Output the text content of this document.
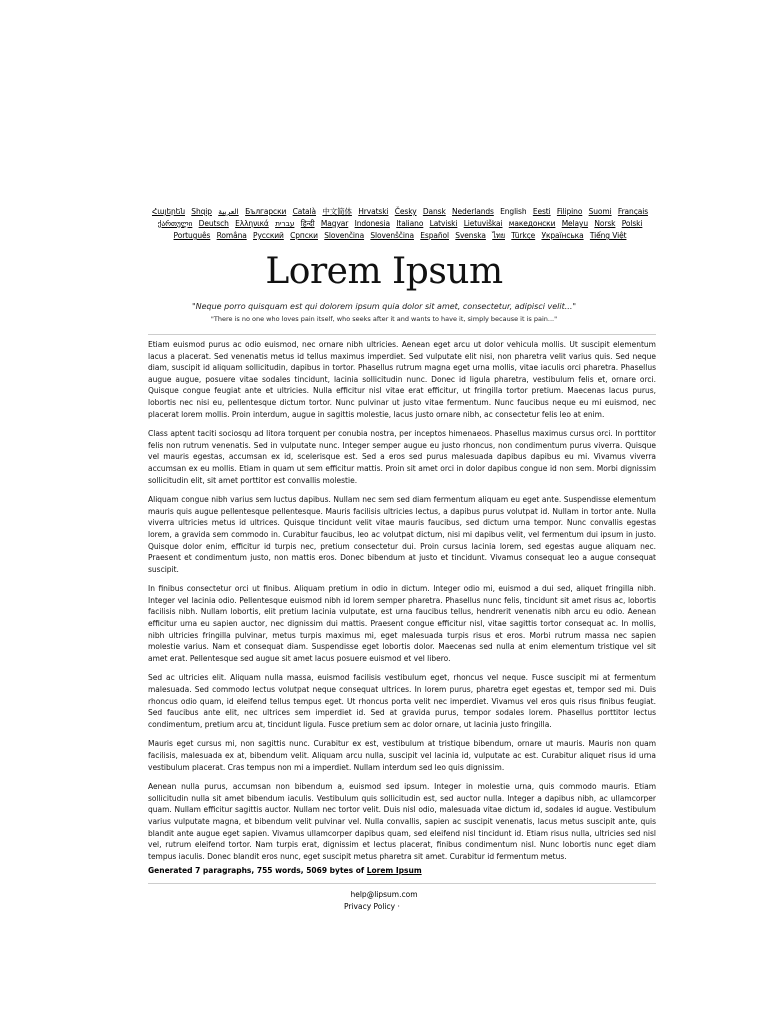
Հայերեն Shqip العربية Български Català 中文简体 Hrvatski Česky Dansk Nederlands English Eesti Filipino Suomi Français ქართული Deutsch Ελληνικά עברית हिन्दी Magyar Indonesia Italiano Latviski Lietuviškai македонски Melayu Norsk Polski Português Româna Pyccкий Српски Slovenčina Slovenščina Español Svenska ไทย Türkçe Українська Tiếng Việt
Lorem Ipsum
"Neque porro quisquam est qui dolorem ipsum quia dolor sit amet, consectetur, adipisci velit..."
"There is no one who loves pain itself, who seeks after it and wants to have it, simply because it is pain..."

Etiam euismod purus ac odio euismod, nec ornare nibh ultricies. Aenean eget arcu ut dolor vehicula mollis. Ut suscipit elementum lacus a placerat. Sed venenatis metus id tellus maximus imperdiet. Sed vulputate elit nisi, non pharetra velit varius quis. Sed neque diam, suscipit id aliquam sollicitudin, dapibus in tortor. Phasellus rutrum magna eget urna mollis, vitae iaculis orci pharetra. Phasellus augue augue, posuere vitae sodales tincidunt, lacinia sollicitudin nunc. Donec id ligula pharetra, vestibulum felis et, ornare orci. Quisque congue feugiat ante et ultricies. Nulla efficitur nisl vitae erat efficitur, ut fringilla tortor pretium. Maecenas lacus purus, lobortis nec nisi eu, pellentesque dictum tortor. Nunc pulvinar ut justo vitae fermentum. Nunc faucibus neque eu mi euismod, nec placerat lorem mollis. Proin interdum, augue in sagittis molestie, lacus justo ornare nibh, ac consectetur felis leo at enim.

Class aptent taciti sociosqu ad litora torquent per conubia nostra, per inceptos himenaeos. Phasellus maximus cursus orci. In porttitor felis non rutrum venenatis. Sed in vulputate nunc. Integer semper augue eu justo rhoncus, non condimentum purus viverra. Quisque vel mauris egestas, accumsan ex id, scelerisque est. Sed a eros sed purus malesuada dapibus dapibus eu mi. Vivamus viverra accumsan ex eu mollis. Etiam in quam ut sem efficitur mattis. Proin sit amet orci in dolor dapibus congue id non sem. Morbi dignissim sollicitudin elit, sit amet porttitor est convallis molestie.

Aliquam congue nibh varius sem luctus dapibus. Nullam nec sem sed diam fermentum aliquam eu eget ante. Suspendisse elementum mauris quis augue pellentesque pellentesque. Mauris facilisis ultricies lectus, a dapibus purus volutpat id. Nullam in tortor ante. Nulla viverra ultricies metus id ultrices. Quisque tincidunt velit vitae mauris faucibus, sed dictum urna tempor. Nunc convallis egestas lorem, a gravida sem commodo in. Curabitur faucibus, leo ac volutpat dictum, nisi mi dapibus velit, vel fermentum dui ipsum in justo. Quisque dolor enim, efficitur id turpis nec, pretium consectetur dui. Proin cursus lacinia lorem, sed egestas augue aliquam nec. Praesent et condimentum justo, non mattis eros. Donec bibendum at justo et tincidunt. Vivamus consequat leo a augue consequat suscipit.

In finibus consectetur orci ut finibus. Aliquam pretium in odio in dictum. Integer odio mi, euismod a dui sed, aliquet fringilla nibh. Integer vel lacinia odio. Pellentesque euismod nibh id lorem semper pharetra. Phasellus nunc felis, tincidunt sit amet risus ac, lobortis facilisis nibh. Nullam lobortis, elit pretium lacinia vulputate, est urna faucibus tellus, hendrerit venenatis nibh arcu eu odio. Aenean efficitur urna eu sapien auctor, nec dignissim dui mattis. Praesent congue efficitur nisl, vitae sagittis tortor consequat ac. In mollis, nibh ultricies fringilla pulvinar, metus turpis maximus mi, eget malesuada turpis risus et eros. Morbi rutrum massa nec sapien molestie varius. Nam et consequat diam. Suspendisse eget lobortis dolor. Maecenas sed nulla at enim elementum tristique vel sit amet erat. Pellentesque sed augue sit amet lacus posuere euismod et vel libero.

Sed ac ultricies elit. Aliquam nulla massa, euismod facilisis vestibulum eget, rhoncus vel neque. Fusce suscipit mi at fermentum malesuada. Sed commodo lectus volutpat neque consequat ultrices. In lorem purus, pharetra eget egestas et, tempor sed mi. Duis rhoncus odio quam, id eleifend tellus tempus eget. Ut rhoncus porta velit nec imperdiet. Vivamus vel eros quis risus finibus feugiat. Sed faucibus ante elit, nec ultrices sem imperdiet id. Sed at gravida purus, tempor sodales lorem. Phasellus porttitor lectus condimentum, pretium arcu at, tincidunt ligula. Fusce pretium sem ac dolor ornare, ut lacinia justo fringilla.

Mauris eget cursus mi, non sagittis nunc. Curabitur ex est, vestibulum at tristique bibendum, ornare ut mauris. Mauris non quam facilisis, malesuada ex at, bibendum velit. Aliquam arcu nulla, suscipit vel lacinia id, vulputate ac est. Curabitur aliquet risus id urna vestibulum placerat. Cras tempus non mi a imperdiet. Nullam interdum sed leo quis dignissim.

Aenean nulla purus, accumsan non bibendum a, euismod sed ipsum. Integer in molestie urna, quis commodo mauris. Etiam sollicitudin nulla sit amet bibendum iaculis. Vestibulum quis sollicitudin est, sed auctor nulla. Integer a dapibus nibh, ac ullamcorper quam. Nullam efficitur sagittis auctor. Nullam nec tortor velit. Duis nisl odio, malesuada vitae dictum id, sodales id augue. Vestibulum varius vulputate magna, et bibendum velit pulvinar vel. Nulla convallis, sapien ac suscipit venenatis, lacus metus suscipit ante, quis blandit ante augue eget sapien. Vivamus ullamcorper dapibus quam, sed eleifend nisl tincidunt id. Etiam risus nulla, ultricies sed nisl vel, rutrum eleifend tortor. Nam turpis erat, dignissim et lectus placerat, finibus condimentum nisl. Nunc lobortis nunc eget diam tempus iaculis. Donec blandit eros nunc, eget suscipit metus pharetra sit amet. Curabitur id fermentum metus.

Generated 7 paragraphs, 755 words, 5069 bytes of Lorem Ipsum
help@lipsum.com
Privacy Policy ·
